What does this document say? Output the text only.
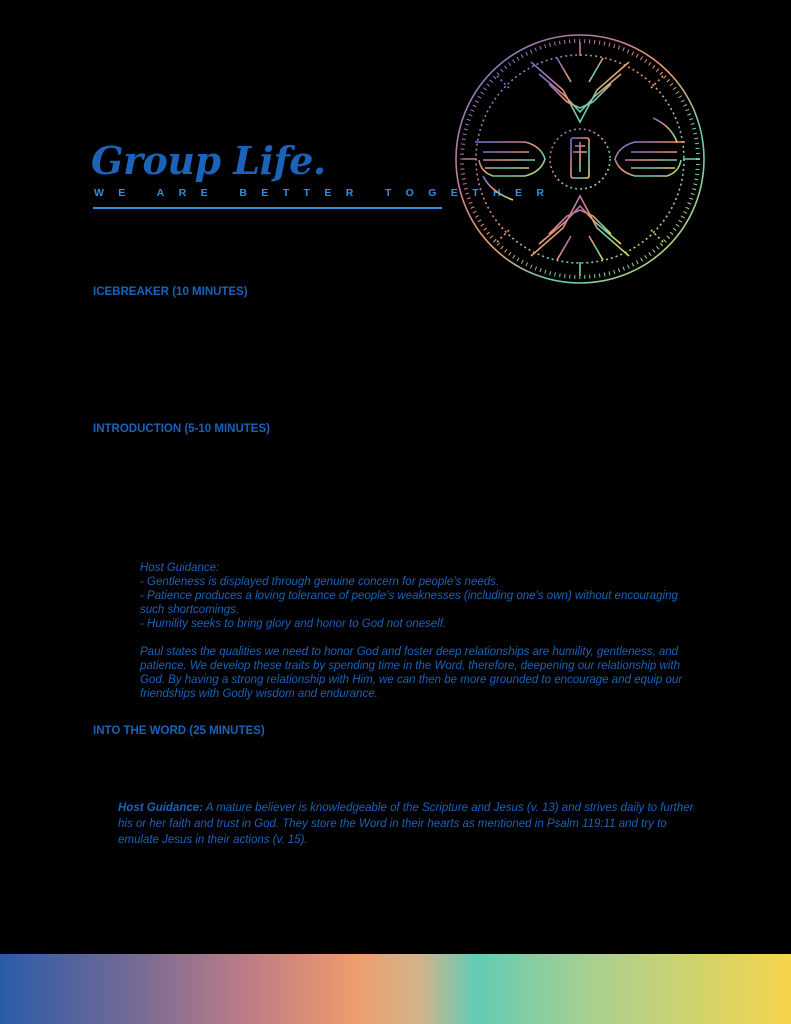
Group Life.
WE ARE BETTER TOGETHER
ICEBREAKER (10 MINUTES)
INTRODUCTION (5-10 MINUTES)

Host Guidance:

- Gentleness is displayed through genuine concern for people’s needs.

- Patience produces a loving tolerance of people’s weaknesses (including one’s own) without encouraging such shortcomings.

- Humility seeks to bring glory and honor to God not oneself.

Paul states the qualities we need to honor God and foster deep relationships are humility, gentleness, and patience. We develop these traits by spending time in the Word, therefore, deepening our relationship with God. By having a strong relationship with Him, we can then be more grounded to encourage and equip our friendships with Godly wisdom and endurance.

INTO THE WORD (25 MINUTES)
Host Guidance: A mature believer is knowledgeable of the Scripture and Jesus (v. 13) and strives daily to further his or her faith and trust in God. They store the Word in their hearts as mentioned in Psalm 119:11 and try to emulate Jesus in their actions (v. 15).
